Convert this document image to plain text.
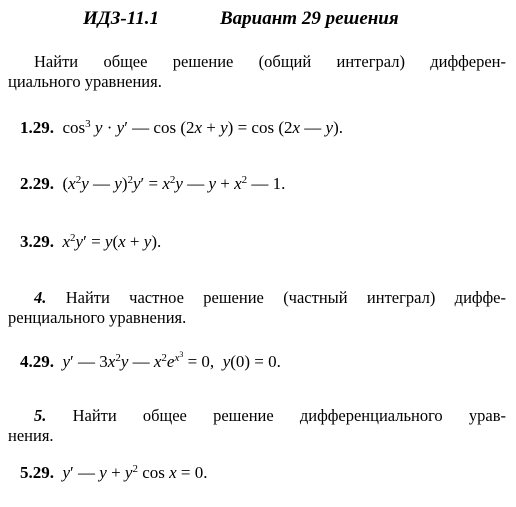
ИДЗ-11.1	Вариант 29 решения
Найти общее решение (общий интеграл) дифферен-
циального уравнения.
1.29.  $\cos^3 y \cdot y'$ — cos (2x + y) = cos (2x — y).
2.29.  ($x^2y$ — $y)^2y' = x^2y$ — $y + x^2$ — 1.
3.29. $x^2y' = y(x + y)$.
4. Найти частное решение (частный интеграл) диффе-
ренциального уравнения.
4.29. y′ — $3x^2y$ — $x^2e^{x^3} = 0$,  y(0) = 0.
5. Найти общее решение дифференциального урав-
нения.
5.29. y′ — $y + y^2$ cos x = 0.
